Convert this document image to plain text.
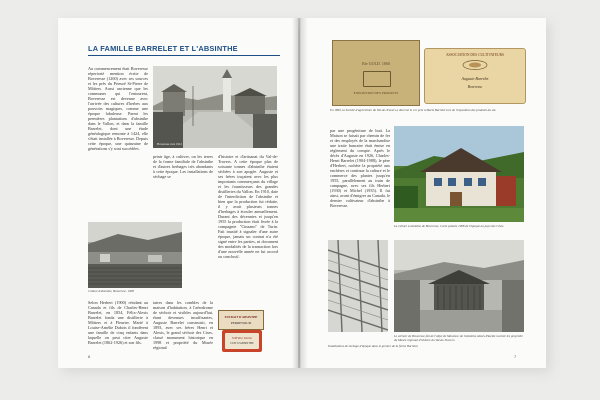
LA FAMILLE BARRELET ET L'ABSINTHE
Au commencement était Boveresse répertorié mention écrite de Boveresse (1260) avec ses sources et les près du Prieuré St-Pierre de Môtiers. Aussi ancienne que les communes qui l'entourent, Boveresse est devenue avec l'arrivée des cultures d'herbes aux pouvoirs magiques, comme une époque fabuleuse. Parmi les premières plantations d'absinthe dans le Vallon, et dans la famille Barrelet, dont une étude généalogique remonte à 1424, elle s'était installée à Boveresse. Depuis cette époque, une quinzaine de générations s'y sont succédées.
Boveresse vers 1912
Culture d'absinthe, Boveresse, 1908
Selon Herbert (1900) résidant au Canada et fils de Charles-Henri Barrelet, en 1854, Félix-Alexis Barrelet fonda une distillerie à Môtiers et à Fleurier. Marié à Louise-Amélie Dubois il fondèrent une famille de cinq enfants dans laquelle on peut citer Auguste Barrelet (1862-1926) et son fils.
prinir âge, à cultiver, on les terres de la forme familiale de l'absinthe et d'autres herbages très abondants à cette époque. Les installations de séchage se
taires dans les combles de la maison d'habitation, à l'aérodrome de séchoir et visibles aujourd'hui, étant devenues insuffisantes, Auguste Barrelet construisit, en 1893, avec ses frères Henri et Alexis, le grand séchoir des Cises, classé monument historique en 1998 et propriété du Musée régional
d'histoire et d'artisanat du Val-de-Travers. A cette époque plus de soixante tonnes d'absinthe étaient séchées à son apogée. Auguste et ses frères traçaient avec les plus importants commerçants du village et les fournisseurs des grandes distilleries du Vallon. En 1910, date de l'interdiction de l'absinthe et bien que la production fut réduite, il y avait plusieurs tonnes d'herbages à écouler annuellement. Durant des décennies et jusqu'en 1955 la production était livrée à la compagnie "Cinzano" de Turin. Fait inusité à signaler d'une autre époque, jamais un contrat n'a été signé entre les parties, ni document des modalités de la transaction lors d'une nouvelle année ne fut accord ou conclusif.
EXTRAIT D'ABSINTHE
PERRENOUD
S'Prière Doria
CUIT D'ABSINTHE
6
Rie GOLD. 1860
EXPOSITION DES PRODUITS
ASSOCIATION DES CULTIVATEURS
Auguste Barrelet
Boveresse
En 1890, la Société d'agriculture du Val-de-Travers a décerné le 1er prix à Marie Barrelet lors de l'exposition des produits du sol.
par une progéniture de huit. La Maison se faisait par chemin de fer et des employés de la marchandise une traite bancaire était émise en règlement du compte. Après le décès d'Auguste en 1926, Charles-Henri Barrelet (1904-1988), le père d'Herbert, rachète la propriété aux enchères et continue la culture et le commerce des plantes jusqu'en 1955, parallèlement au train de campagne, avec ses fils Herbert (1930) et Michel (1935). Il fut ainsi, avant d'émigrer au Canada, le dernier cultivateur d'absinthe à Boveresse.
La culture à absinthe de Boveresse, Carte postale 1908 de l'époque au pays des Cises.
Le séchoir de Boveresse fait de l'objet de Monsieur de l'absinthe Alexis-Placide racheté les propriété du Musée régional d'histoire du Val-de-Travers.
Installations de séchage d'époque dans le grenier de la ferme Barrelet.
7
